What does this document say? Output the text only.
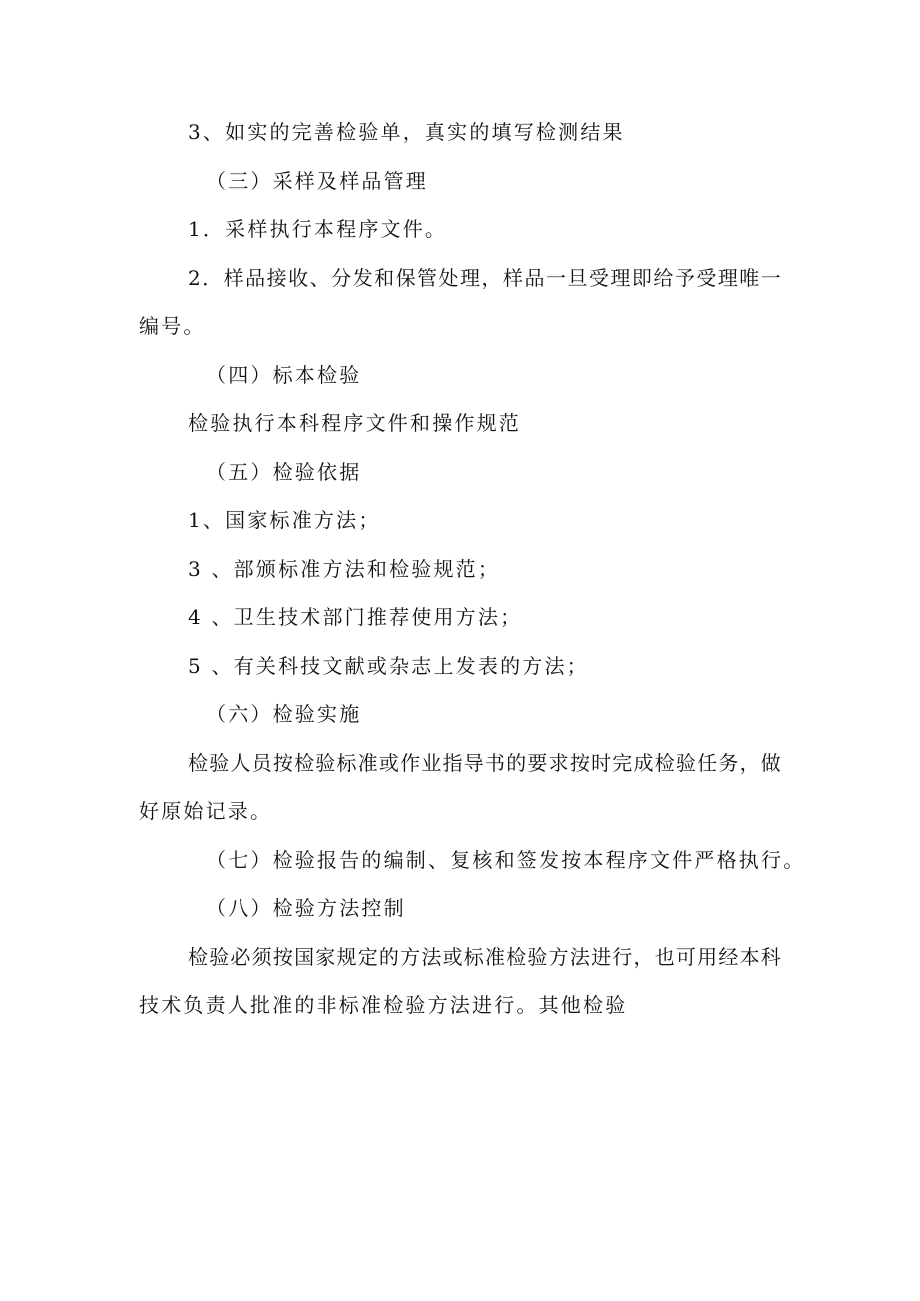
3、如实的完善检验单，真实的填写检测结果
（三）采样及样品管理
1．采样执行本程序文件。
2．样品接收、分发和保管处理，样品一旦受理即给予受理唯一
编号。
（四）标本检验
检验执行本科程序文件和操作规范
（五）检验依据
1、国家标准方法；
3 、部颁标准方法和检验规范；
4 、卫生技术部门推荐使用方法；
5 、有关科技文献或杂志上发表的方法；
（六）检验实施
检验人员按检验标准或作业指导书的要求按时完成检验任务，做
好原始记录。
（七）检验报告的编制、复核和签发按本程序文件严格执行。
（八）检验方法控制
检验必须按国家规定的方法或标准检验方法进行，也可用经本科
技术负责人批准的非标准检验方法进行。其他检验
